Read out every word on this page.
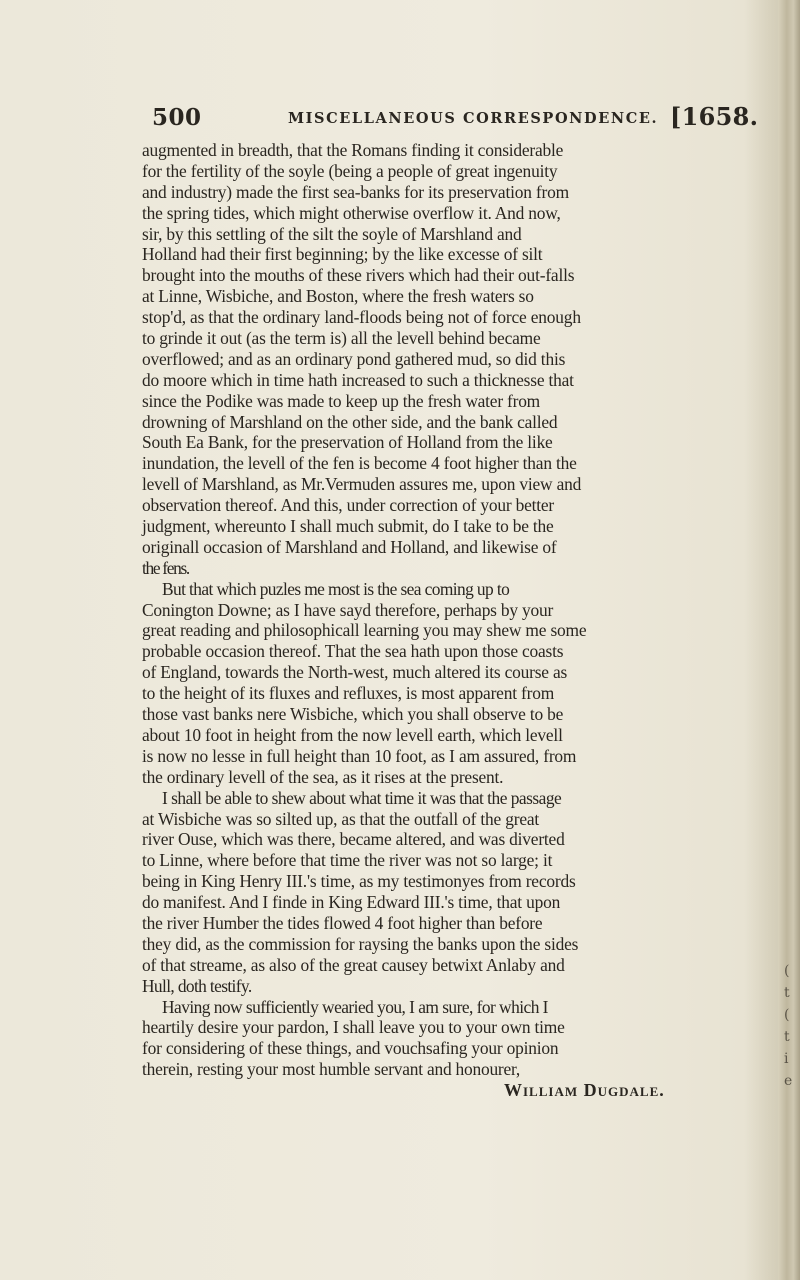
(
t
(
t
i
e
500	MISCELLANEOUS CORRESPONDENCE. [1658.
augmented in breadth, that the Romans finding it considerable
for the fertility of the soyle (being a people of great ingenuity
and industry) made the first sea-banks for its preservation from
the spring tides, which might otherwise overflow it. And now,
sir, by this settling of the silt the soyle of Marshland and
Holland had their first beginning; by the like excesse of silt
brought into the mouths of these rivers which had their out-falls
at Linne, Wisbiche, and Boston, where the fresh waters so
stop'd, as that the ordinary land-floods being not of force enough
to grinde it out (as the term is) all the levell behind became
overflowed; and as an ordinary pond gathered mud, so did this
do moore which in time hath increased to such a thicknesse that
since the Podike was made to keep up the fresh water from
drowning of Marshland on the other side, and the bank called
South Ea Bank, for the preservation of Holland from the like
inundation, the levell of the fen is become 4 foot higher than the
levell of Marshland, as Mr.Vermuden assures me, upon view and
observation thereof. And this, under correction of your better
judgment, whereunto I shall much submit, do I take to be the
originall occasion of Marshland and Holland, and likewise of
the fens.
But that which puzles me most is the sea coming up to
Conington Downe; as I have sayd therefore, perhaps by your
great reading and philosophicall learning you may shew me some
probable occasion thereof. That the sea hath upon those coasts
of England, towards the North-west, much altered its course as
to the height of its fluxes and refluxes, is most apparent from
those vast banks nere Wisbiche, which you shall observe to be
about 10 foot in height from the now levell earth, which levell
is now no lesse in full height than 10 foot, as I am assured, from
the ordinary levell of the sea, as it rises at the present.
I shall be able to shew about what time it was that the passage
at Wisbiche was so silted up, as that the outfall of the great
river Ouse, which was there, became altered, and was diverted
to Linne, where before that time the river was not so large; it
being in King Henry III.'s time, as my testimonyes from records
do manifest. And I finde in King Edward III.'s time, that upon
the river Humber the tides flowed 4 foot higher than before
they did, as the commission for raysing the banks upon the sides
of that streame, as also of the great causey betwixt Anlaby and
Hull, doth testify.
Having now sufficiently wearied you, I am sure, for which I
heartily desire your pardon, I shall leave you to your own time
for considering of these things, and vouchsafing your opinion
therein, resting your most humble servant and honourer,
William Dugdale.
